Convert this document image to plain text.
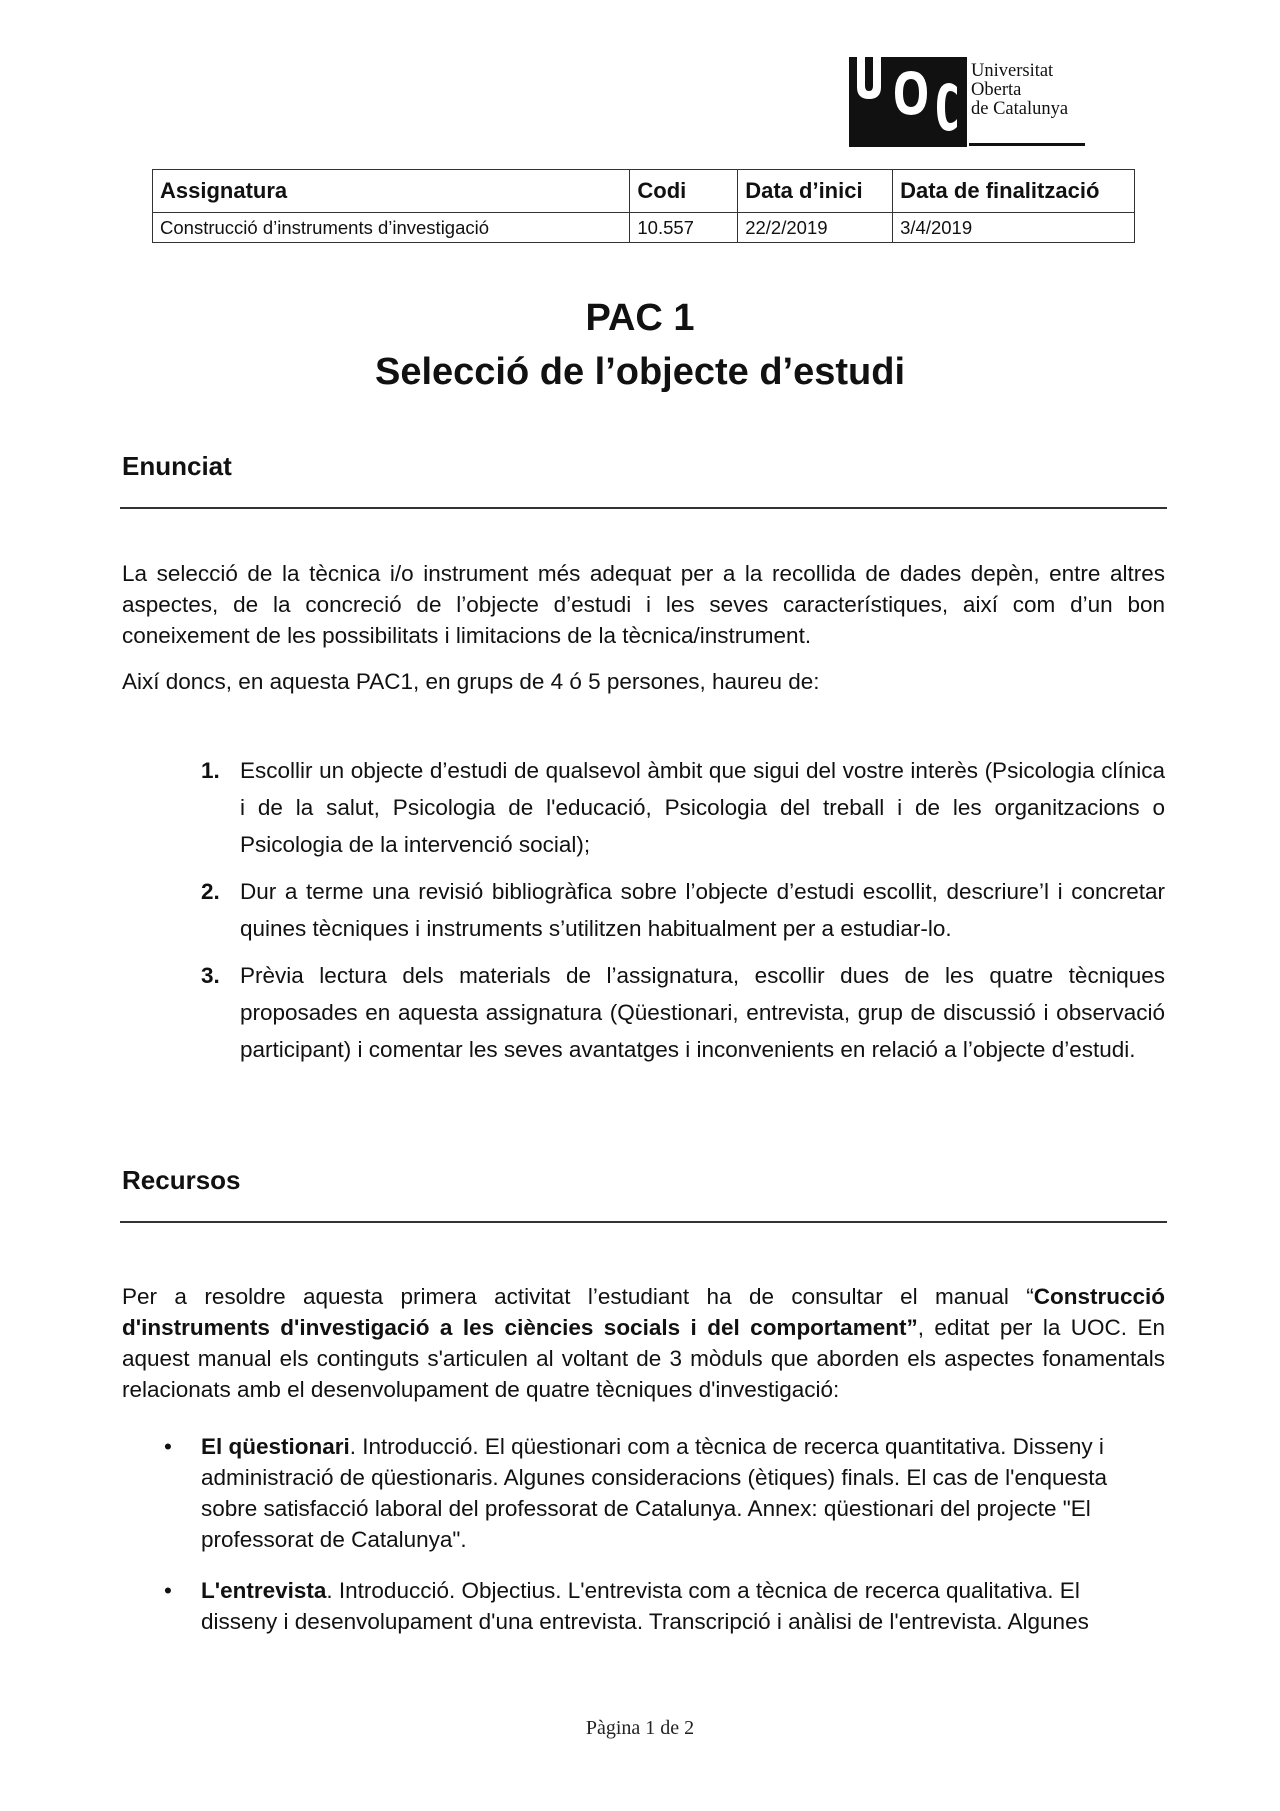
Universitat
Oberta
de Catalunya
Assignatura	Codi	Data d’inici	Data de finalització
Construcció d’instruments d’investigació	10.557	22/2/2019	3/4/2019
PAC 1
Selecció de l’objecte d’estudi
Enunciat
La selecció de la tècnica i/o instrument més adequat per a la recollida de dades depèn, entre altres aspectes, de la concreció de l’objecte d’estudi i les seves característiques, així com d’un bon coneixement de les possibilitats i limitacions de la tècnica/instrument.
Així doncs, en aquesta PAC1, en grups de 4 ó 5 persones, haureu de:
1. Escollir un objecte d’estudi de qualsevol àmbit que sigui del vostre interès (Psicologia clínica i de la salut, Psicologia de l'educació, Psicologia del treball i de les organitzacions o Psicologia de la intervenció social);
2. Dur a terme una revisió bibliogràfica sobre l’objecte d’estudi escollit, descriure’l i concretar quines tècniques i instruments s’utilitzen habitualment per a estudiar-lo.
3. Prèvia lectura dels materials de l’assignatura, escollir dues de les quatre tècniques proposades en aquesta assignatura (Qüestionari, entrevista, grup de discussió i observació participant) i comentar les seves avantatges i inconvenients en relació a l’objecte d’estudi.
Recursos
Per a resoldre aquesta primera activitat l’estudiant ha de consultar el manual “Construcció d'instruments d'investigació a les ciències socials i del comportament”, editat per la UOC. En aquest manual els continguts s'articulen al voltant de 3 mòduls que aborden els aspectes fonamentals relacionats amb el desenvolupament de quatre tècniques d'investigació:
• El qüestionari. Introducció. El qüestionari com a tècnica de recerca quantitativa. Disseny i administració de qüestionaris. Algunes consideracions (ètiques) finals. El cas de l'enquesta sobre satisfacció laboral del professorat de Catalunya. Annex: qüestionari del projecte "El professorat de Catalunya".
• L'entrevista. Introducció. Objectius. L'entrevista com a tècnica de recerca qualitativa. El disseny i desenvolupament d'una entrevista. Transcripció i anàlisi de l'entrevista. Algunes
Pàgina 1 de 2
